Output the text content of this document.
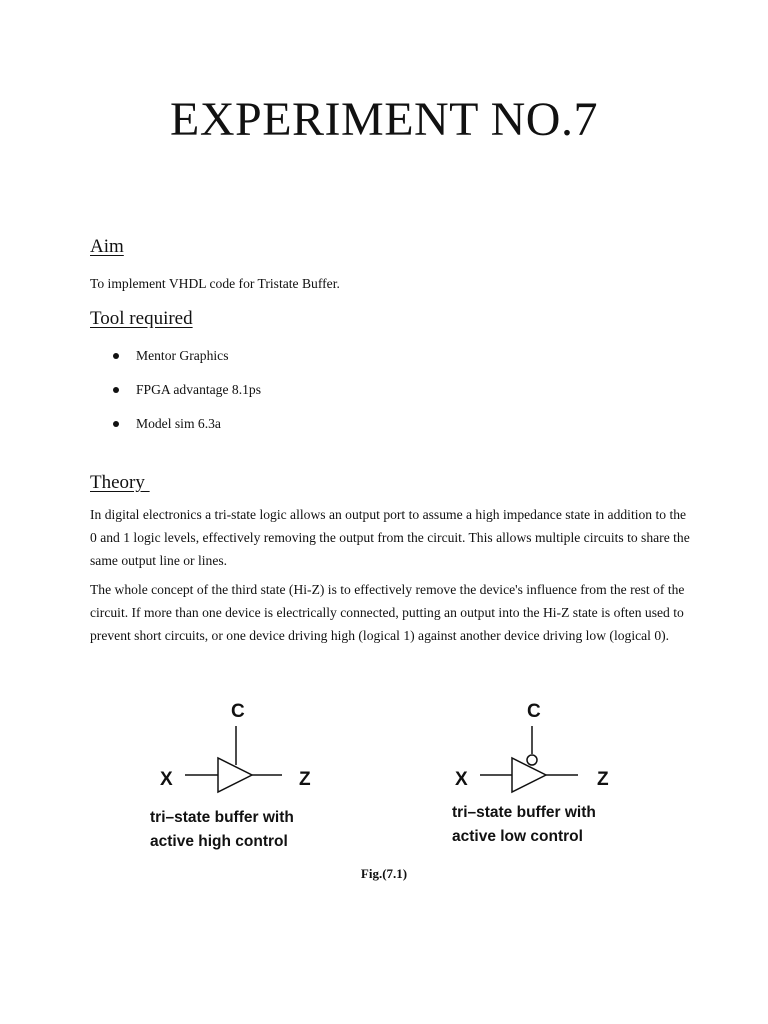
EXPERIMENT NO.7
Aim
To implement VHDL code for Tristate Buffer.
Tool required
Mentor Graphics
FPGA advantage 8.1ps
Model sim 6.3a
Theory
In digital electronics a tri-state logic allows an output port to assume a high impedance state in addition to the 0 and 1 logic levels, effectively removing the output from the circuit. This allows multiple circuits to share the same output line or lines.
The whole concept of the third state (Hi-Z) is to effectively remove the device's influence from the rest of the circuit. If more than one device is electrically connected, putting an output into the Hi-Z state is often used to prevent short circuits, or one device driving high (logical 1) against another device driving low (logical 0).
C
X	Z
C
X	Z
tri–state buffer with
active high control
tri–state buffer with
active low control
Fig.(7.1)
